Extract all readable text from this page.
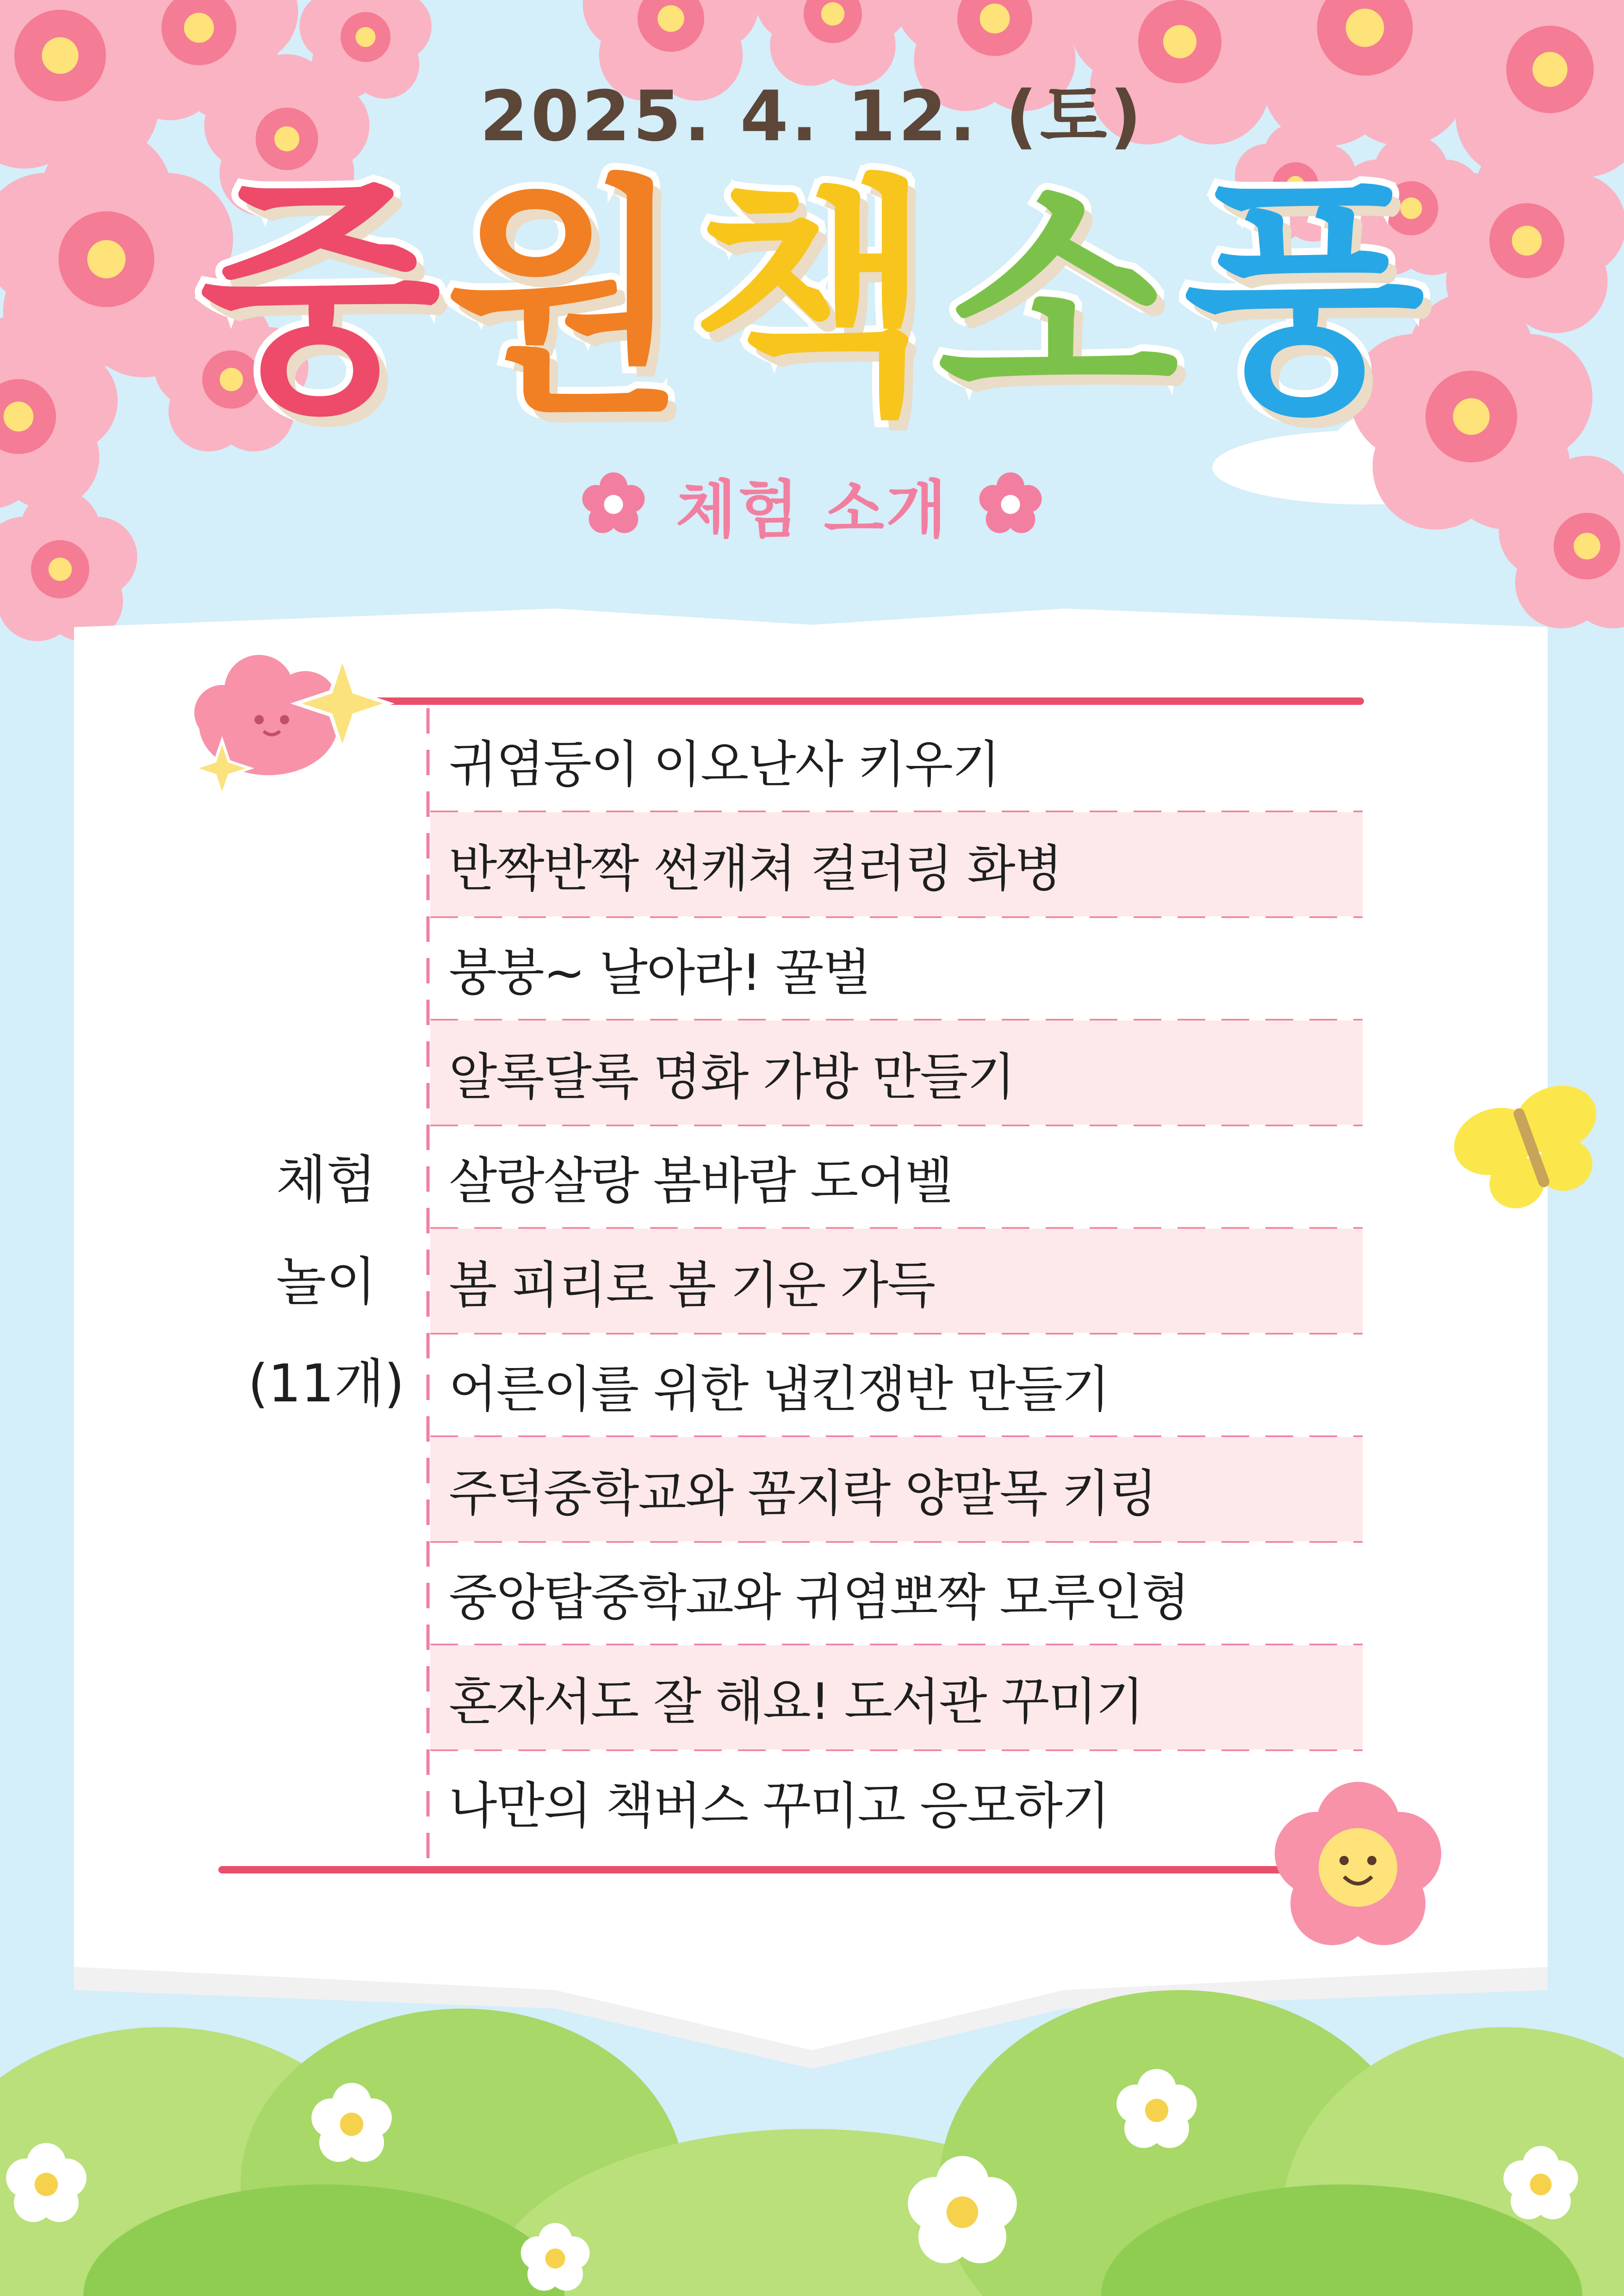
2025. 4. 12. (토)
중 원 책 소 풍
체험 소개
체험
놀이
(11개)
귀염둥이 이오난사 키우기
반짝반짝 썬캐쳐 컬러링 화병
붕붕~ 날아라! 꿀벌
알록달록 명화 가방 만들기
살랑살랑 봄바람 도어벨
봄 피리로 봄 기운 가득
어른이를 위한 냅킨쟁반 만들기
주덕중학교와 꼼지락 양말목 키링
중앙탑중학교와 귀염뽀짝 모루인형
혼자서도 잘 해요! 도서관 꾸미기
나만의 책버스 꾸미고 응모하기
